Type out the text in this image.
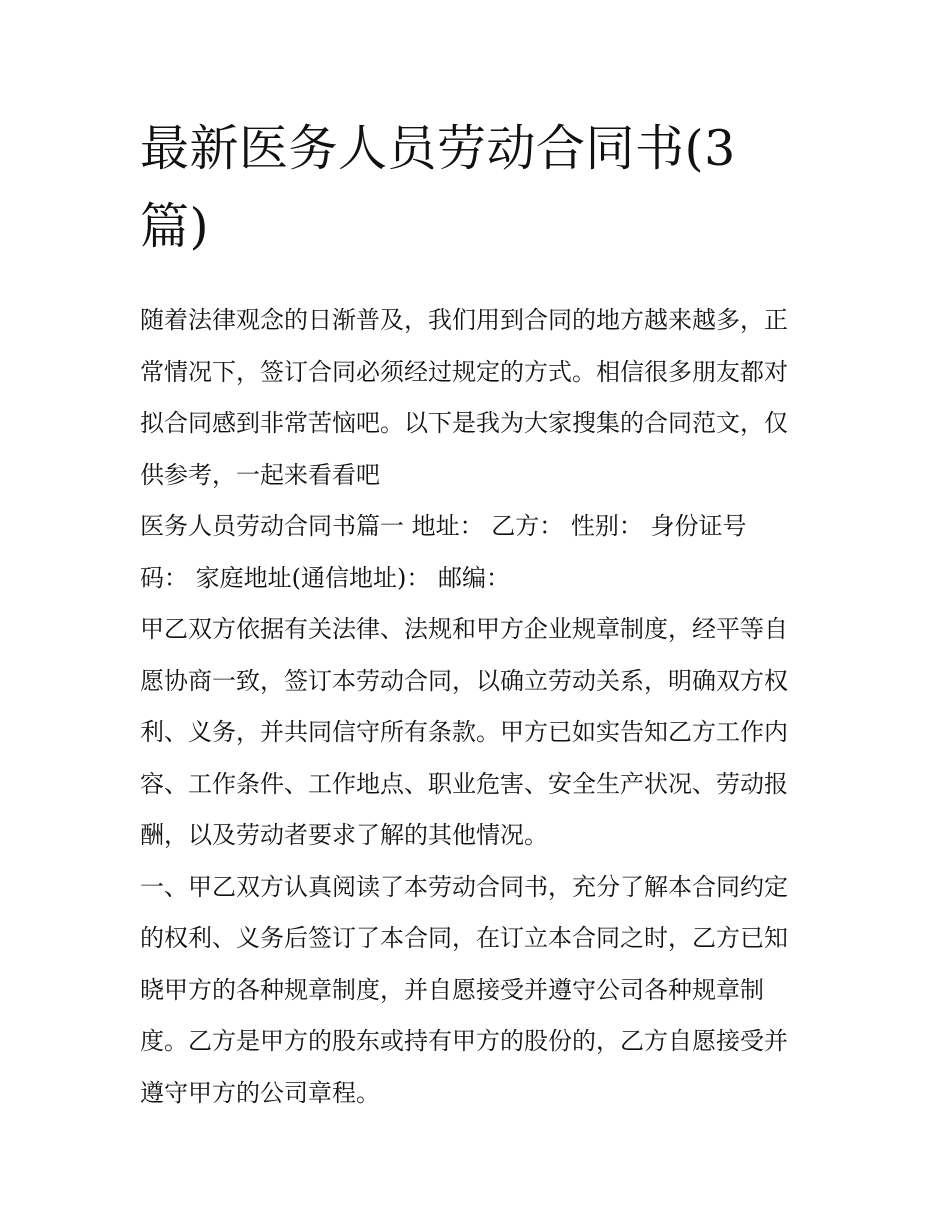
最新医务人员劳动合同书(3
篇)

随着法律观念的日渐普及，我们用到合同的地方越来越多，正

常情况下，签订合同必须经过规定的方式。相信很多朋友都对

拟合同感到非常苦恼吧。以下是我为大家搜集的合同范文，仅

供参考，一起来看看吧

医务人员劳动合同书篇一 地址： 乙方： 性别： 身份证号

码： 家庭地址(通信地址)： 邮编：

甲乙双方依据有关法律、法规和甲方企业规章制度，经平等自

愿协商一致，签订本劳动合同，以确立劳动关系，明确双方权

利、义务，并共同信守所有条款。甲方已如实告知乙方工作内

容、工作条件、工作地点、职业危害、安全生产状况、劳动报

酬，以及劳动者要求了解的其他情况。

一、甲乙双方认真阅读了本劳动合同书，充分了解本合同约定

的权利、义务后签订了本合同，在订立本合同之时，乙方已知

晓甲方的各种规章制度，并自愿接受并遵守公司各种规章制

度。乙方是甲方的股东或持有甲方的股份的，乙方自愿接受并

遵守甲方的公司章程。
